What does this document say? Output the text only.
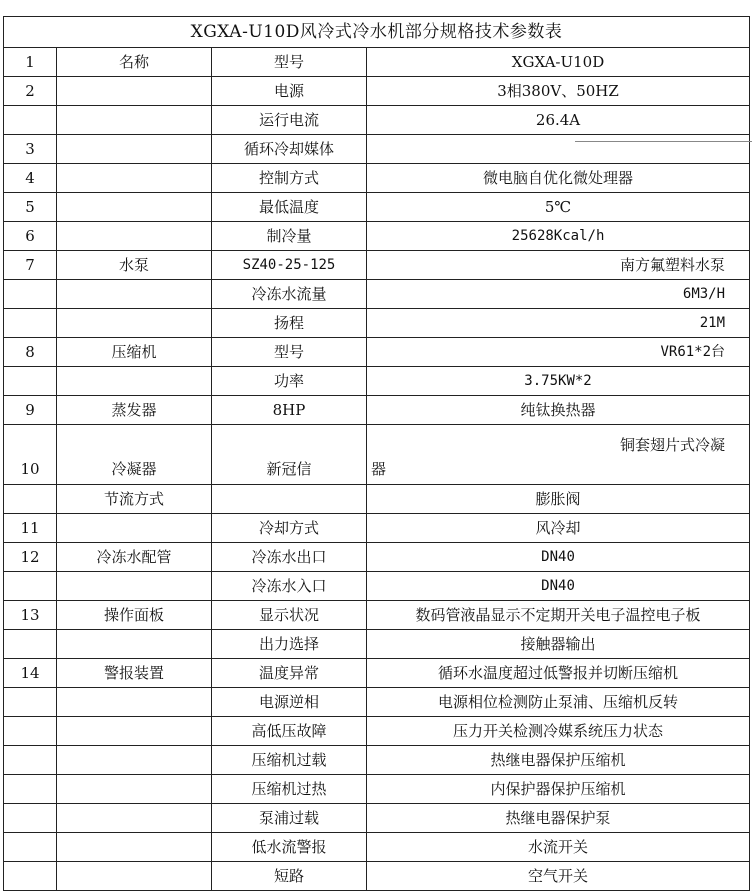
XGXA-U10D风冷式冷水机部分规格技术参数表			
1	名称	型号	XGXA-U10D
2		电源	3相380V、50HZ
		运行电流	26.4A
3		循环冷却媒体	
4		控制方式	微电脑自优化微处理器
5		最低温度	5℃
6		制冷量	25628Kcal/h
7	水泵	SZ40-25-125	南方氟塑料水泵
		冷冻水流量	6M3/H
		扬程	21M
8	压缩机	型号	VR61*2台
		功率	3.75KW*2
9	蒸发器	8HP	纯钛换热器
10	冷凝器	新冠信	铜套翅片式冷凝
器

	节流方式		膨胀阀
11		冷却方式	风冷却
12	冷冻水配管	冷冻水出口	DN40
		冷冻水入口	DN40
13	操作面板	显示状况	数码管液晶显示不定期开关电子温控电子板
		出力选择	接触器输出
14	警报装置	温度异常	循环水温度超过低警报并切断压缩机
		电源逆相	电源相位检测防止泵浦、压缩机反转
		高低压故障	压力开关检测冷媒系统压力状态
		压缩机过载	热继电器保护压缩机
		压缩机过热	内保护器保护压缩机
		泵浦过载	热继电器保护泵
		低水流警报	水流开关
		短路	空气开关
